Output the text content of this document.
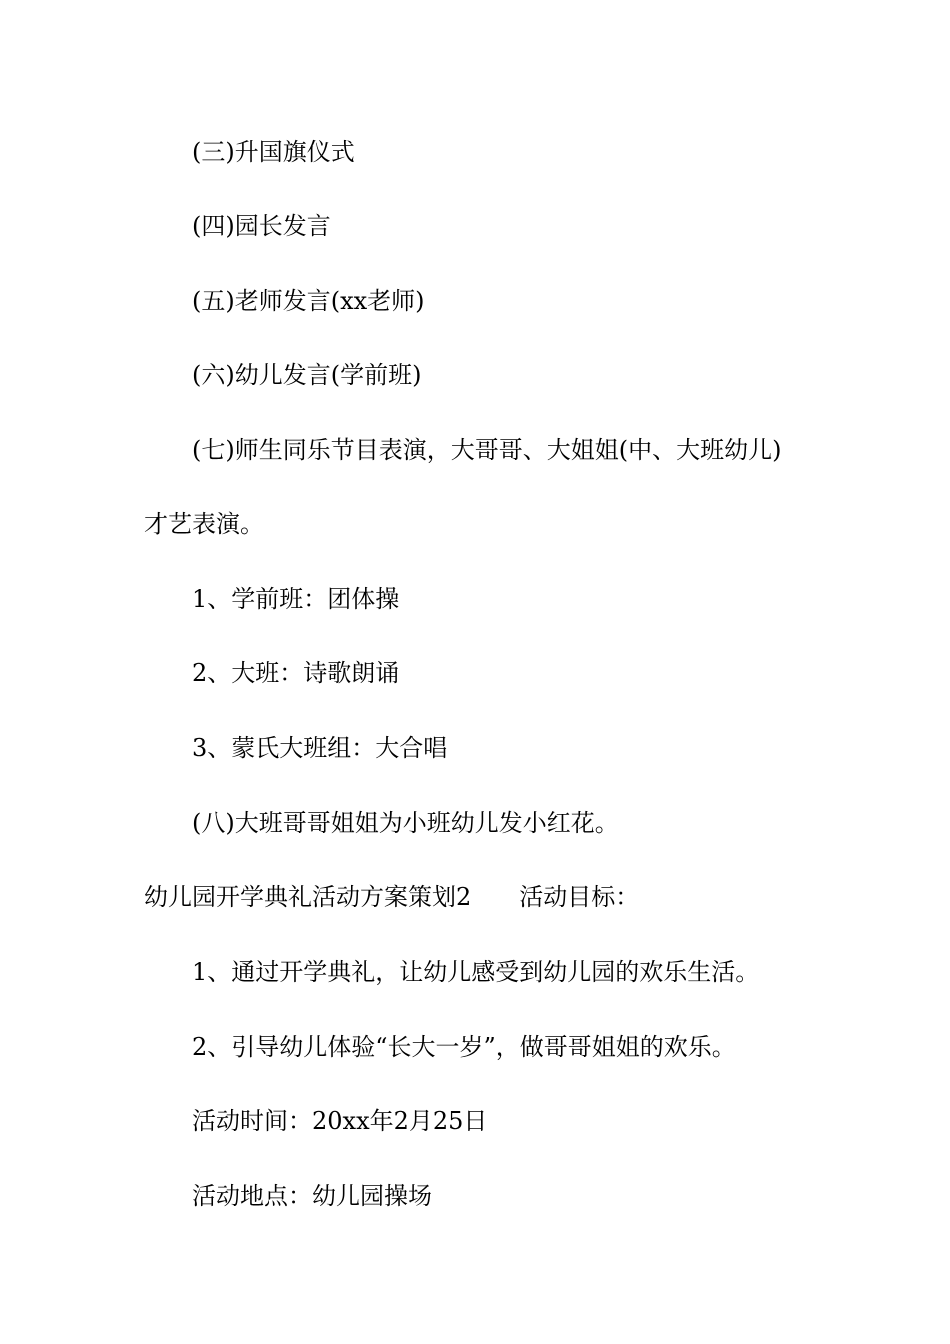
(三)升国旗仪式
(四)园长发言
(五)老师发言(xx老师)
(六)幼儿发言(学前班)
(七)师生同乐节目表演，大哥哥、大姐姐(中、大班幼儿)
才艺表演。
1、学前班：团体操
2、大班：诗歌朗诵
3、蒙氏大班组：大合唱
(八)大班哥哥姐姐为小班幼儿发小红花。
幼儿园开学典礼活动方案策划2 活动目标：
1、通过开学典礼，让幼儿感受到幼儿园的欢乐生活。
2、引导幼儿体验“长大一岁”，做哥哥姐姐的欢乐。
活动时间：20xx年2月25日
活动地点：幼儿园操场
